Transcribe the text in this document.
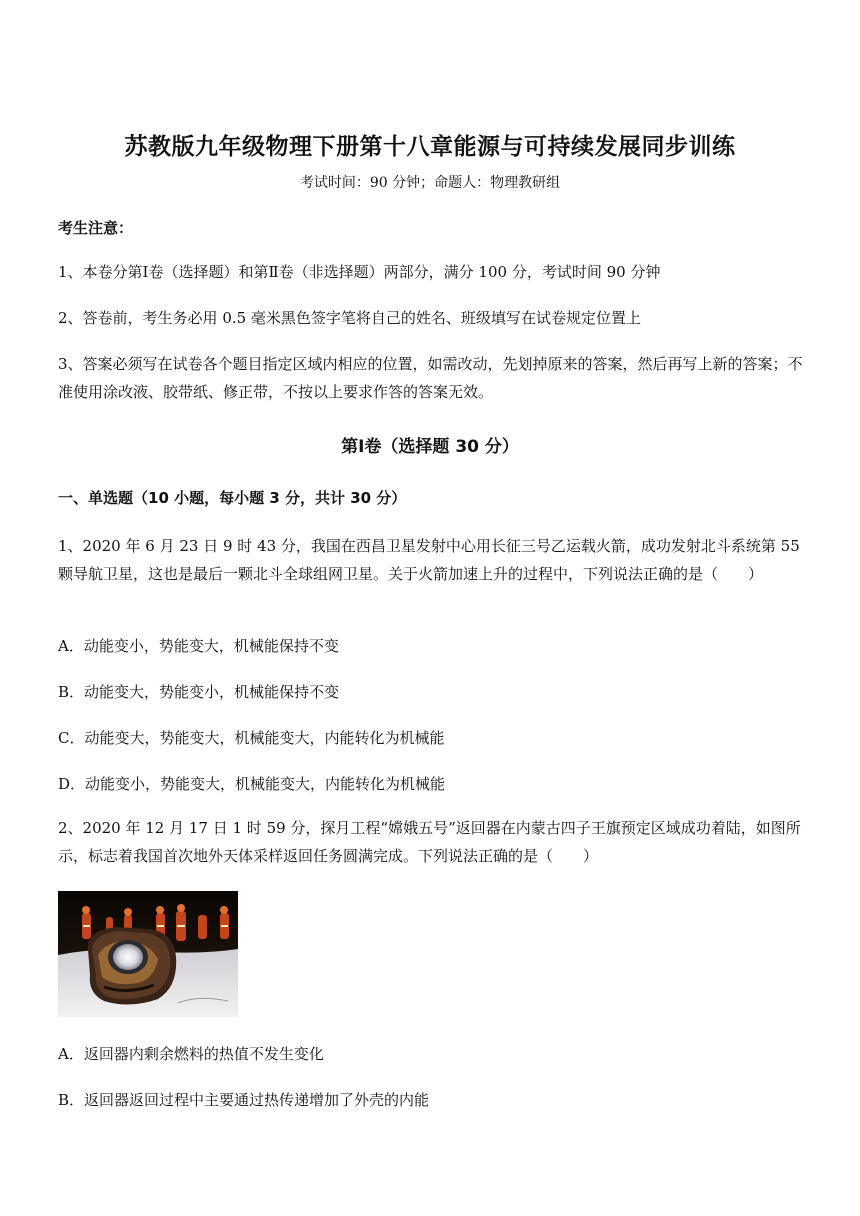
苏教版九年级物理下册第十八章能源与可持续发展同步训练
考试时间：90 分钟；命题人：物理教研组
考生注意：
1、本卷分第Ⅰ卷（选择题）和第Ⅱ卷（非选择题）两部分，满分 100 分，考试时间 90 分钟
2、答卷前，考生务必用 0.5 毫米黑色签字笔将自己的姓名、班级填写在试卷规定位置上
3、答案必须写在试卷各个题目指定区域内相应的位置，如需改动，先划掉原来的答案，然后再写上新的答案；不准使用涂改液、胶带纸、修正带，不按以上要求作答的答案无效。
第Ⅰ卷（选择题 30 分）
一、单选题（10 小题，每小题 3 分，共计 30 分）
1、2020 年 6 月 23 日 9 时 43 分，我国在西昌卫星发射中心用长征三号乙运载火箭，成功发射北斗系统第 55 颗导航卫星，这也是最后一颗北斗全球组网卫星。关于火箭加速上升的过程中，下列说法正确的是（　　）
A．动能变小，势能变大，机械能保持不变
B．动能变大，势能变小，机械能保持不变
C．动能变大，势能变大，机械能变大，内能转化为机械能
D．动能变小，势能变大，机械能变大，内能转化为机械能
2、2020 年 12 月 17 日 1 时 59 分，探月工程“嫦娥五号”返回器在内蒙古四子王旗预定区域成功着陆，如图所示，标志着我国首次地外天体采样返回任务圆满完成。下列说法正确的是（　　）
A．返回器内剩余燃料的热值不发生变化
B．返回器返回过程中主要通过热传递增加了外壳的内能
